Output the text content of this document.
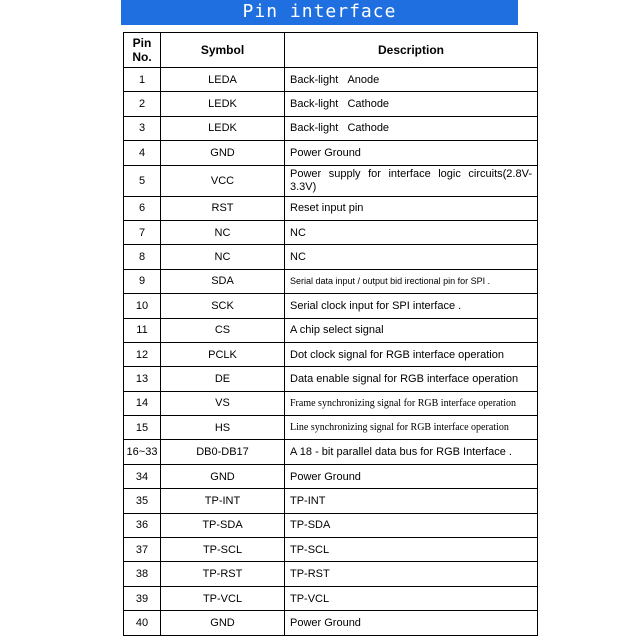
Pin interface
Pin No.	Symbol	Description
1	LEDA	Back-light   Anode
2	LEDK	Back-light   Cathode
3	LEDK	Back-light   Cathode
4	GND	Power Ground
5	VCC	Power supply for interface logic circuits(2.8V-3.3V)
6	RST	Reset input pin
7	NC	NC
8	NC	NC
9	SDA	Serial data input / output bid irectional pin for SPI .
10	SCK	Serial clock input for SPI interface .
11	CS	A chip select signal
12	PCLK	Dot clock signal for RGB interface operation
13	DE	Data enable signal for RGB interface operation
14	VS	Frame synchronizing signal for RGB interface operation
15	HS	Line synchronizing signal for RGB interface operation
16~33	DB0-DB17	A 18 - bit parallel data bus for RGB Interface .
34	GND	Power Ground
35	TP-INT	TP-INT
36	TP-SDA	TP-SDA
37	TP-SCL	TP-SCL
38	TP-RST	TP-RST
39	TP-VCL	TP-VCL
40	GND	Power Ground
